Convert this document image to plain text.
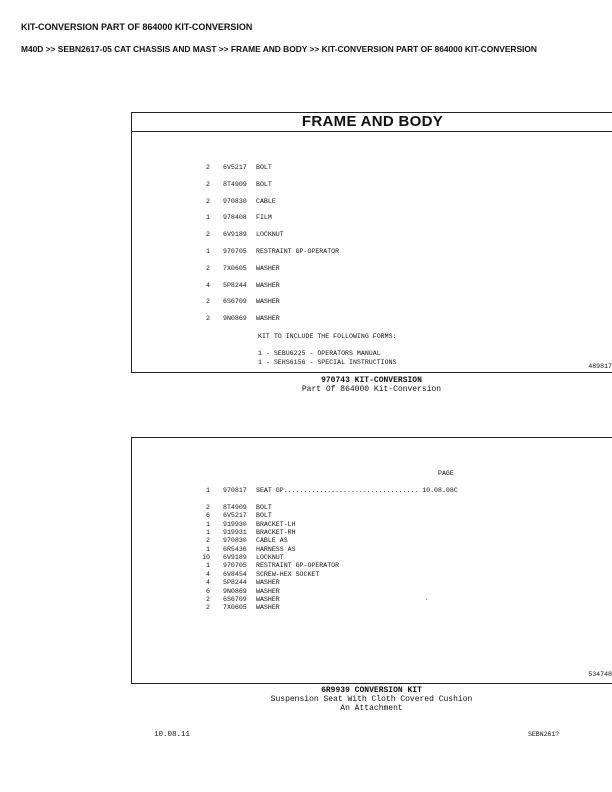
KIT-CONVERSION PART OF 864000 KIT-CONVERSION
M40D >> SEBN2617-05 CAT CHASSIS AND MAST >> FRAME AND BODY >> KIT-CONVERSION PART OF 864000 KIT-CONVERSION
FRAME AND BODY
2 6V5217 BOLT
2 8T4909 BOLT
2 970830 CABLE
1 978408 FILM
2 6V9189 LOCKNUT
1 970705 RESTRAINT GP-OPERATOR
2 7X0605 WASHER
4 5P8244 WASHER
2 6S6709 WASHER
2 9N0869 WASHER
KIT TO INCLUDE THE FOLLOWING FORMS:
1 - SEBU6225 - OPERATORS MANUAL
1 - SEHS6156 - SPECIAL INSTRUCTIONS
489817
970743 KIT-CONVERSION
Part Of 864000 Kit-Conversion
PAGE
1 970817 SEAT GP.................................. 10.08.08C
2 8T4909 BOLT
6 6V5217 BOLT
1 919930 BRACKET-LH
1 919931 BRACKET-RH
2 970830 CABLE AS
1 6R5436 HARNESS AS
10 6V9189 LOCKNUT
1 970705 RESTRAINT GP-OPERATOR
4 6V8454 SCREW-HEX SOCKET
4 5P8244 WASHER
6 9N0869 WASHER
2 6S6709 WASHER
2 7X0605 WASHER
534748
6R9939 CONVERSION KIT
Suspension Seat With Cloth Covered Cushion
An Attachment
10.08.11	SEBN261?
